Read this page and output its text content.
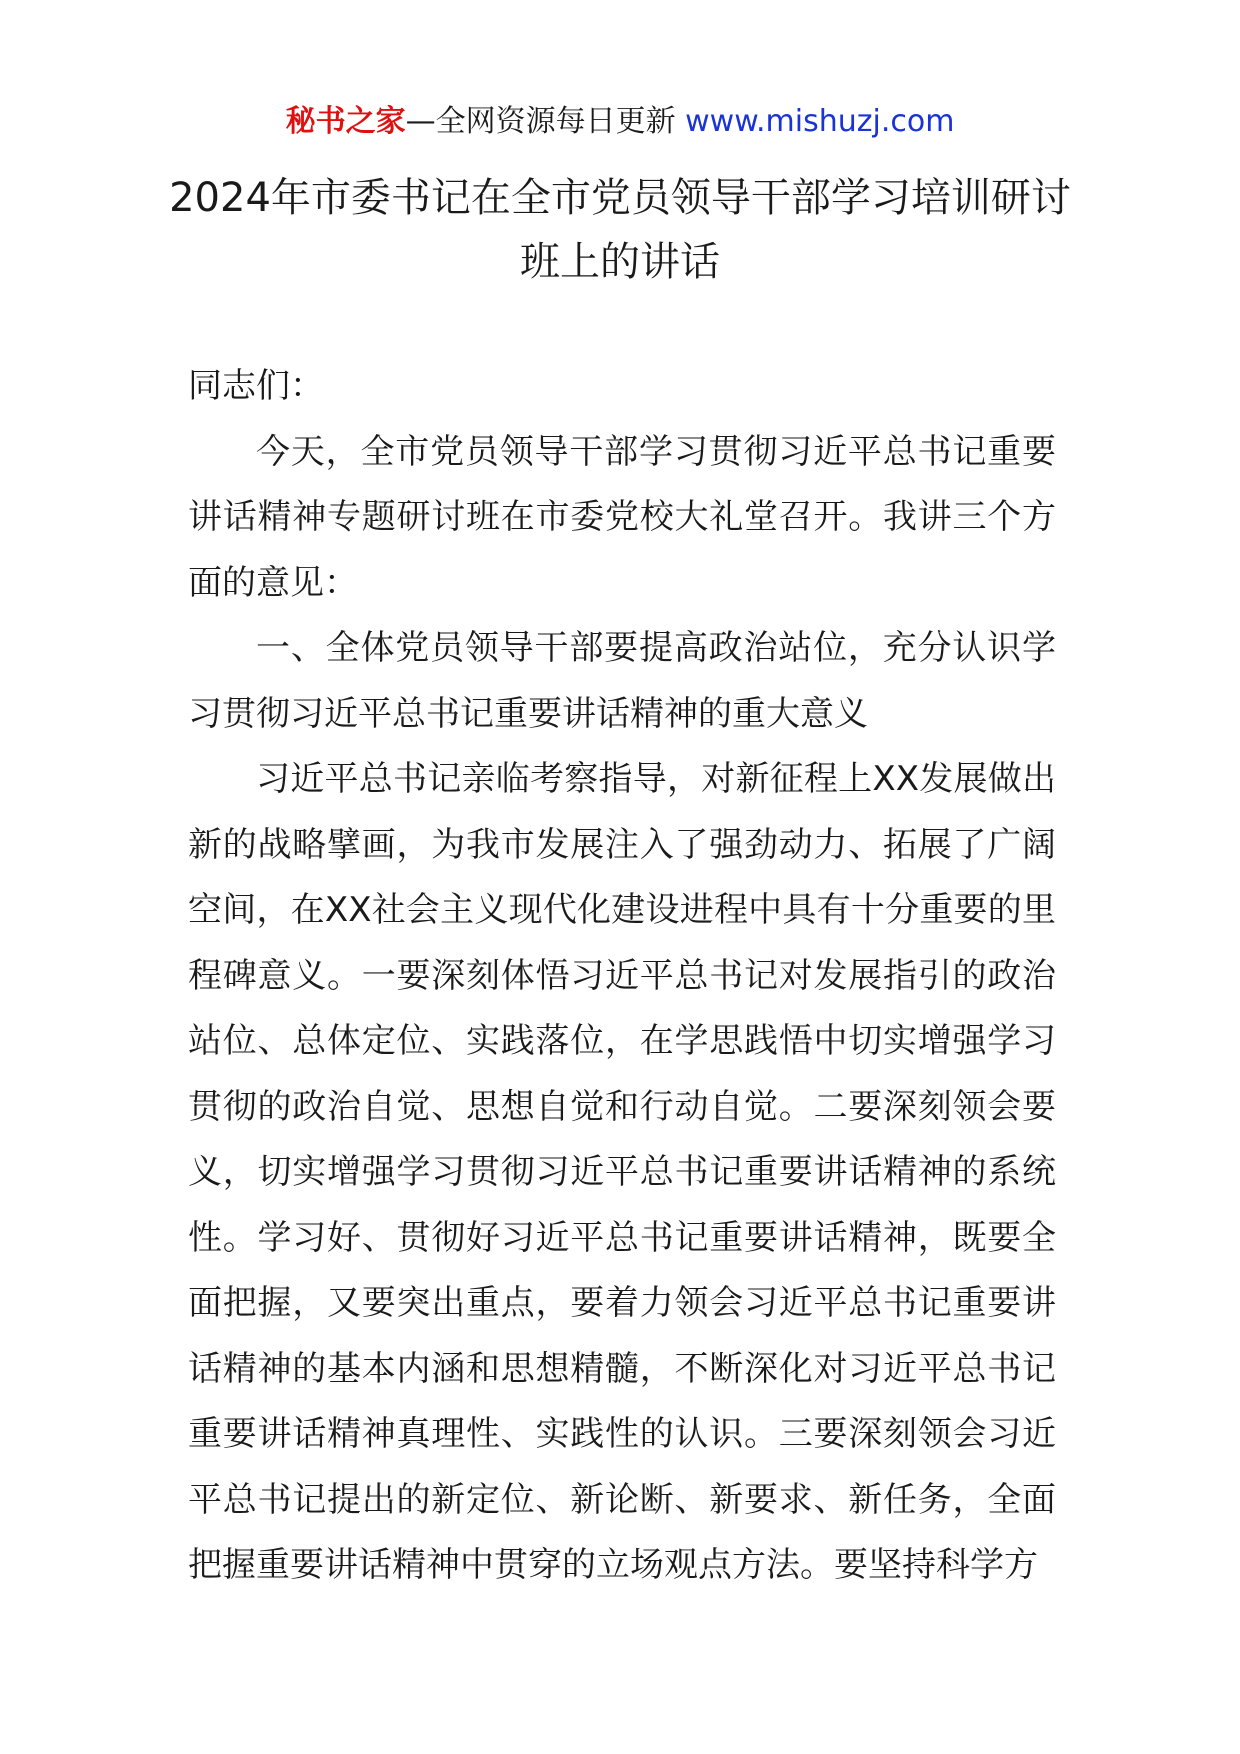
秘书之家—全网资源每日更新 www.mishuzj.com
2024年市委书记在全市党员领导干部学习培训研讨班上的讲话

同志们：

今天，全市党员领导干部学习贯彻习近平总书记重要讲话精神专题研讨班在市委党校大礼堂召开。我讲三个方面的意见：

一、全体党员领导干部要提高政治站位，充分认识学习贯彻习近平总书记重要讲话精神的重大意义

习近平总书记亲临考察指导，对新征程上XX发展做出新的战略擘画，为我市发展注入了强劲动力、拓展了广阔空间，在XX社会主义现代化建设进程中具有十分重要的里程碑意义。一要深刻体悟习近平总书记对发展指引的政治站位、总体定位、实践落位，在学思践悟中切实增强学习贯彻的政治自觉、思想自觉和行动自觉。二要深刻领会要义，切实增强学习贯彻习近平总书记重要讲话精神的系统性。学习好、贯彻好习近平总书记重要讲话精神，既要全面把握，又要突出重点，要着力领会习近平总书记重要讲话精神的基本内涵和思想精髓，不断深化对习近平总书记重要讲话精神真理性、实践性的认识。三要深刻领会习近平总书记提出的新定位、新论断、新要求、新任务，全面把握重要讲话精神中贯穿的立场观点方法。要坚持科学方
